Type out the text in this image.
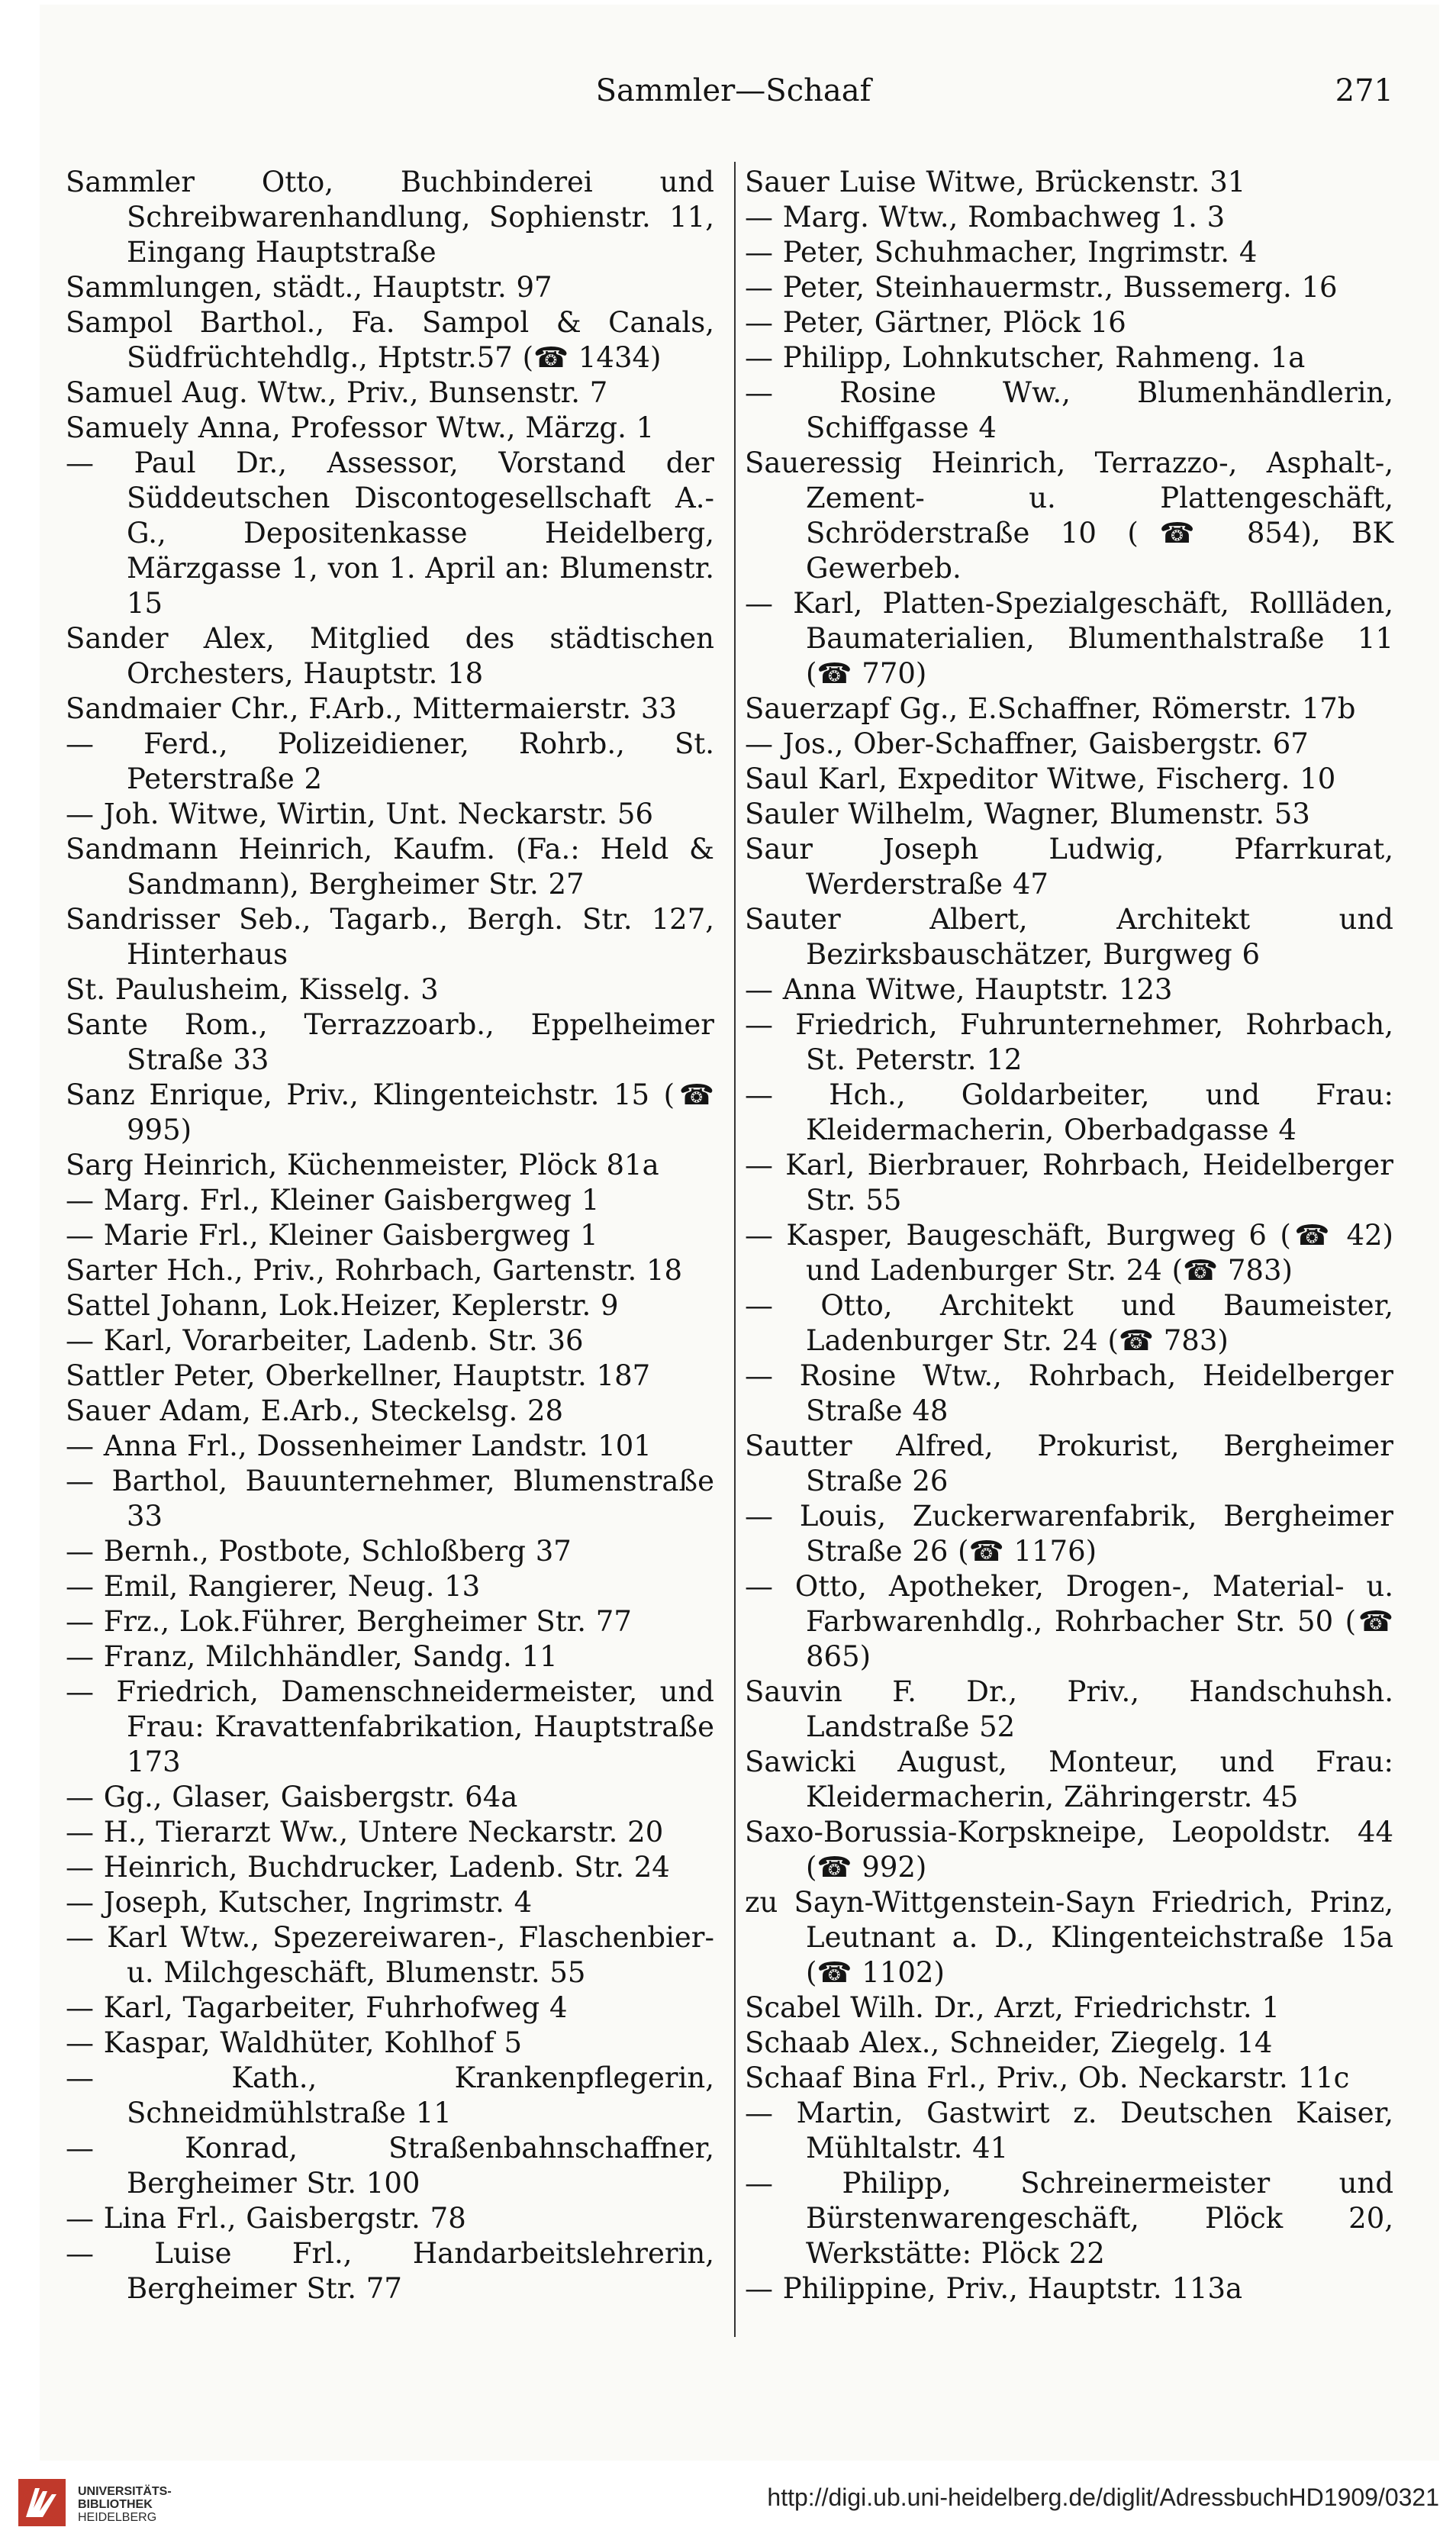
Sammler—Schaaf	271

Sammler Otto, Buchbinderei und Schreibwarenhandlung, Sophienstr. 11, Eingang Hauptstraße

Sammlungen, städt., Hauptstr. 97

Sampol Barthol., Fa. Sampol & Canals, Südfrüchtehdlg., Hptstr.57 (☎ 1434)

Samuel Aug. Wtw., Priv., Bunsenstr. 7

Samuely Anna, Professor Wtw., Märzg. 1

— Paul Dr., Assessor, Vorstand der Süddeutschen Discontogesellschaft A.-G., Depositenkasse Heidelberg, Märzgasse 1, von 1. April an: Blumenstr. 15

Sander Alex, Mitglied des städtischen Orchesters, Hauptstr. 18

Sandmaier Chr., F.Arb., Mittermaierstr. 33

— Ferd., Polizeidiener, Rohrb., St. Peterstraße 2

— Joh. Witwe, Wirtin, Unt. Neckarstr. 56

Sandmann Heinrich, Kaufm. (Fa.: Held & Sandmann), Bergheimer Str. 27

Sandrisser Seb., Tagarb., Bergh. Str. 127, Hinterhaus

St. Paulusheim, Kisselg. 3

Sante Rom., Terrazzoarb., Eppelheimer Straße 33

Sanz Enrique, Priv., Klingenteichstr. 15 (☎ 995)

Sarg Heinrich, Küchenmeister, Plöck 81a

— Marg. Frl., Kleiner Gaisbergweg 1

— Marie Frl., Kleiner Gaisbergweg 1

Sarter Hch., Priv., Rohrbach, Gartenstr. 18

Sattel Johann, Lok.Heizer, Keplerstr. 9

— Karl, Vorarbeiter, Ladenb. Str. 36

Sattler Peter, Oberkellner, Hauptstr. 187

Sauer Adam, E.Arb., Steckelsg. 28

— Anna Frl., Dossenheimer Landstr. 101

— Barthol, Bauunternehmer, Blumenstraße 33

— Bernh., Postbote, Schloßberg 37

— Emil, Rangierer, Neug. 13

— Frz., Lok.Führer, Bergheimer Str. 77

— Franz, Milchhändler, Sandg. 11

— Friedrich, Damenschneidermeister, und Frau: Kravattenfabrikation, Hauptstraße 173

— Gg., Glaser, Gaisbergstr. 64a

— H., Tierarzt Ww., Untere Neckarstr. 20

— Heinrich, Buchdrucker, Ladenb. Str. 24

— Joseph, Kutscher, Ingrimstr. 4

— Karl Wtw., Spezereiwaren-, Flaschenbier- u. Milchgeschäft, Blumenstr. 55

— Karl, Tagarbeiter, Fuhrhofweg 4

— Kaspar, Waldhüter, Kohlhof 5

— Kath., Krankenpflegerin, Schneidmühlstraße 11

— Konrad, Straßenbahnschaffner, Bergheimer Str. 100

— Lina Frl., Gaisbergstr. 78

— Luise Frl., Handarbeitslehrerin, Bergheimer Str. 77

Sauer Luise Witwe, Brückenstr. 31

— Marg. Wtw., Rombachweg 1. 3

— Peter, Schuhmacher, Ingrimstr. 4

— Peter, Steinhauermstr., Bussemerg. 16

— Peter, Gärtner, Plöck 16

— Philipp, Lohnkutscher, Rahmeng. 1a

— Rosine Ww., Blumenhändlerin, Schiffgasse 4

Saueressig Heinrich, Terrazzo-, Asphalt-, Zement- u. Plattengeschäft, Schröderstraße 10 (☎ 854), BK Gewerbeb.

— Karl, Platten-Spezialgeschäft, Rollläden, Baumaterialien, Blumenthalstraße 11 (☎ 770)

Sauerzapf Gg., E.Schaffner, Römerstr. 17b

— Jos., Ober-Schaffner, Gaisbergstr. 67

Saul Karl, Expeditor Witwe, Fischerg. 10

Sauler Wilhelm, Wagner, Blumenstr. 53

Saur Joseph Ludwig, Pfarrkurat, Werderstraße 47

Sauter Albert, Architekt und Bezirksbauschätzer, Burgweg 6

— Anna Witwe, Hauptstr. 123

— Friedrich, Fuhrunternehmer, Rohrbach, St. Peterstr. 12

— Hch., Goldarbeiter, und Frau: Kleidermacherin, Oberbadgasse 4

— Karl, Bierbrauer, Rohrbach, Heidelberger Str. 55

— Kasper, Baugeschäft, Burgweg 6 (☎ 42) und Ladenburger Str. 24 (☎ 783)

— Otto, Architekt und Baumeister, Ladenburger Str. 24 (☎ 783)

— Rosine Wtw., Rohrbach, Heidelberger Straße 48

Sautter Alfred, Prokurist, Bergheimer Straße 26

— Louis, Zuckerwarenfabrik, Bergheimer Straße 26 (☎ 1176)

— Otto, Apotheker, Drogen-, Material- u. Farbwarenhdlg., Rohrbacher Str. 50 (☎ 865)

Sauvin F. Dr., Priv., Handschuhsh. Landstraße 52

Sawicki August, Monteur, und Frau: Kleidermacherin, Zähringerstr. 45

Saxo-Borussia-Korpskneipe, Leopoldstr. 44 (☎ 992)

zu Sayn-Wittgenstein-Sayn Friedrich, Prinz, Leutnant a. D., Klingenteichstraße 15a (☎ 1102)

Scabel Wilh. Dr., Arzt, Friedrichstr. 1

Schaab Alex., Schneider, Ziegelg. 14

Schaaf Bina Frl., Priv., Ob. Neckarstr. 11c

— Martin, Gastwirt z. Deutschen Kaiser, Mühltalstr. 41

— Philipp, Schreinermeister und Bürstenwarengeschäft, Plöck 20, Werkstätte: Plöck 22

— Philippine, Priv., Hauptstr. 113a

UNIVERSITÄTS-
BIBLIOTHEK
HEIDELBERG
http://digi.ub.uni-heidelberg.de/diglit/AdressbuchHD1909/0321
